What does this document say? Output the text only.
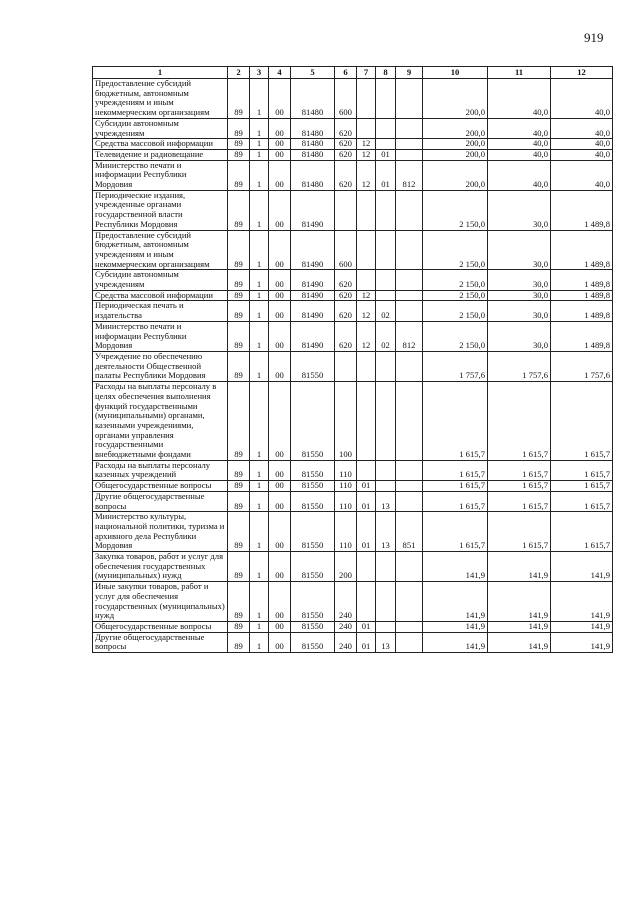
919
1	2	3	4	5	6	7	8	9	10	11	12
Предоставление субсидий бюджетным, автономным учреждениям и иным некоммерческим организациям	89	1	00	81480	600				200,0	40,0	40,0
Субсидии автономным учреждениям	89	1	00	81480	620				200,0	40,0	40,0
Средства массовой информации	89	1	00	81480	620	12			200,0	40,0	40,0
Телевидение и радиовещание	89	1	00	81480	620	12	01		200,0	40,0	40,0
Министерство печати и информации Республики Мордовия	89	1	00	81480	620	12	01	812	200,0	40,0	40,0
Периодические издания, учрежденные органами государственной власти Республики Мордовия	89	1	00	81490					2 150,0	30,0	1 489,8
Предоставление субсидий бюджетным, автономным учреждениям и иным некоммерческим организациям	89	1	00	81490	600				2 150,0	30,0	1 489,8
Субсидии автономным учреждениям	89	1	00	81490	620				2 150,0	30,0	1 489,8
Средства массовой информации	89	1	00	81490	620	12			2 150,0	30,0	1 489,8
Периодическая печать и издательства	89	1	00	81490	620	12	02		2 150,0	30,0	1 489,8
Министерство печати и информации Республики Мордовия	89	1	00	81490	620	12	02	812	2 150,0	30,0	1 489,8
Учреждение по обеспечению деятельности Общественной палаты Республики Мордовия	89	1	00	81550					1 757,6	1 757,6	1 757,6
Расходы на выплаты персоналу в целях обеспечения выполнения функций государственными (муниципальными) органами, казенными учреждениями, органами управления государственными внебюджетными фондами	89	1	00	81550	100				1 615,7	1 615,7	1 615,7
Расходы на выплаты персоналу казенных учреждений	89	1	00	81550	110				1 615,7	1 615,7	1 615,7
Общегосударственные вопросы	89	1	00	81550	110	01			1 615,7	1 615,7	1 615,7
Другие общегосударственные вопросы	89	1	00	81550	110	01	13		1 615,7	1 615,7	1 615,7
Министерство культуры, национальной политики, туризма и архивного дела Республики Мордовия	89	1	00	81550	110	01	13	851	1 615,7	1 615,7	1 615,7
Закупка товаров, работ и услуг для обеспечения государственных (муниципальных) нужд	89	1	00	81550	200				141,9	141,9	141,9
Иные закупки товаров, работ и услуг для обеспечения государственных (муниципальных) нужд	89	1	00	81550	240				141,9	141,9	141,9
Общегосударственные вопросы	89	1	00	81550	240	01			141,9	141,9	141,9
Другие общегосударственные вопросы	89	1	00	81550	240	01	13		141,9	141,9	141,9
